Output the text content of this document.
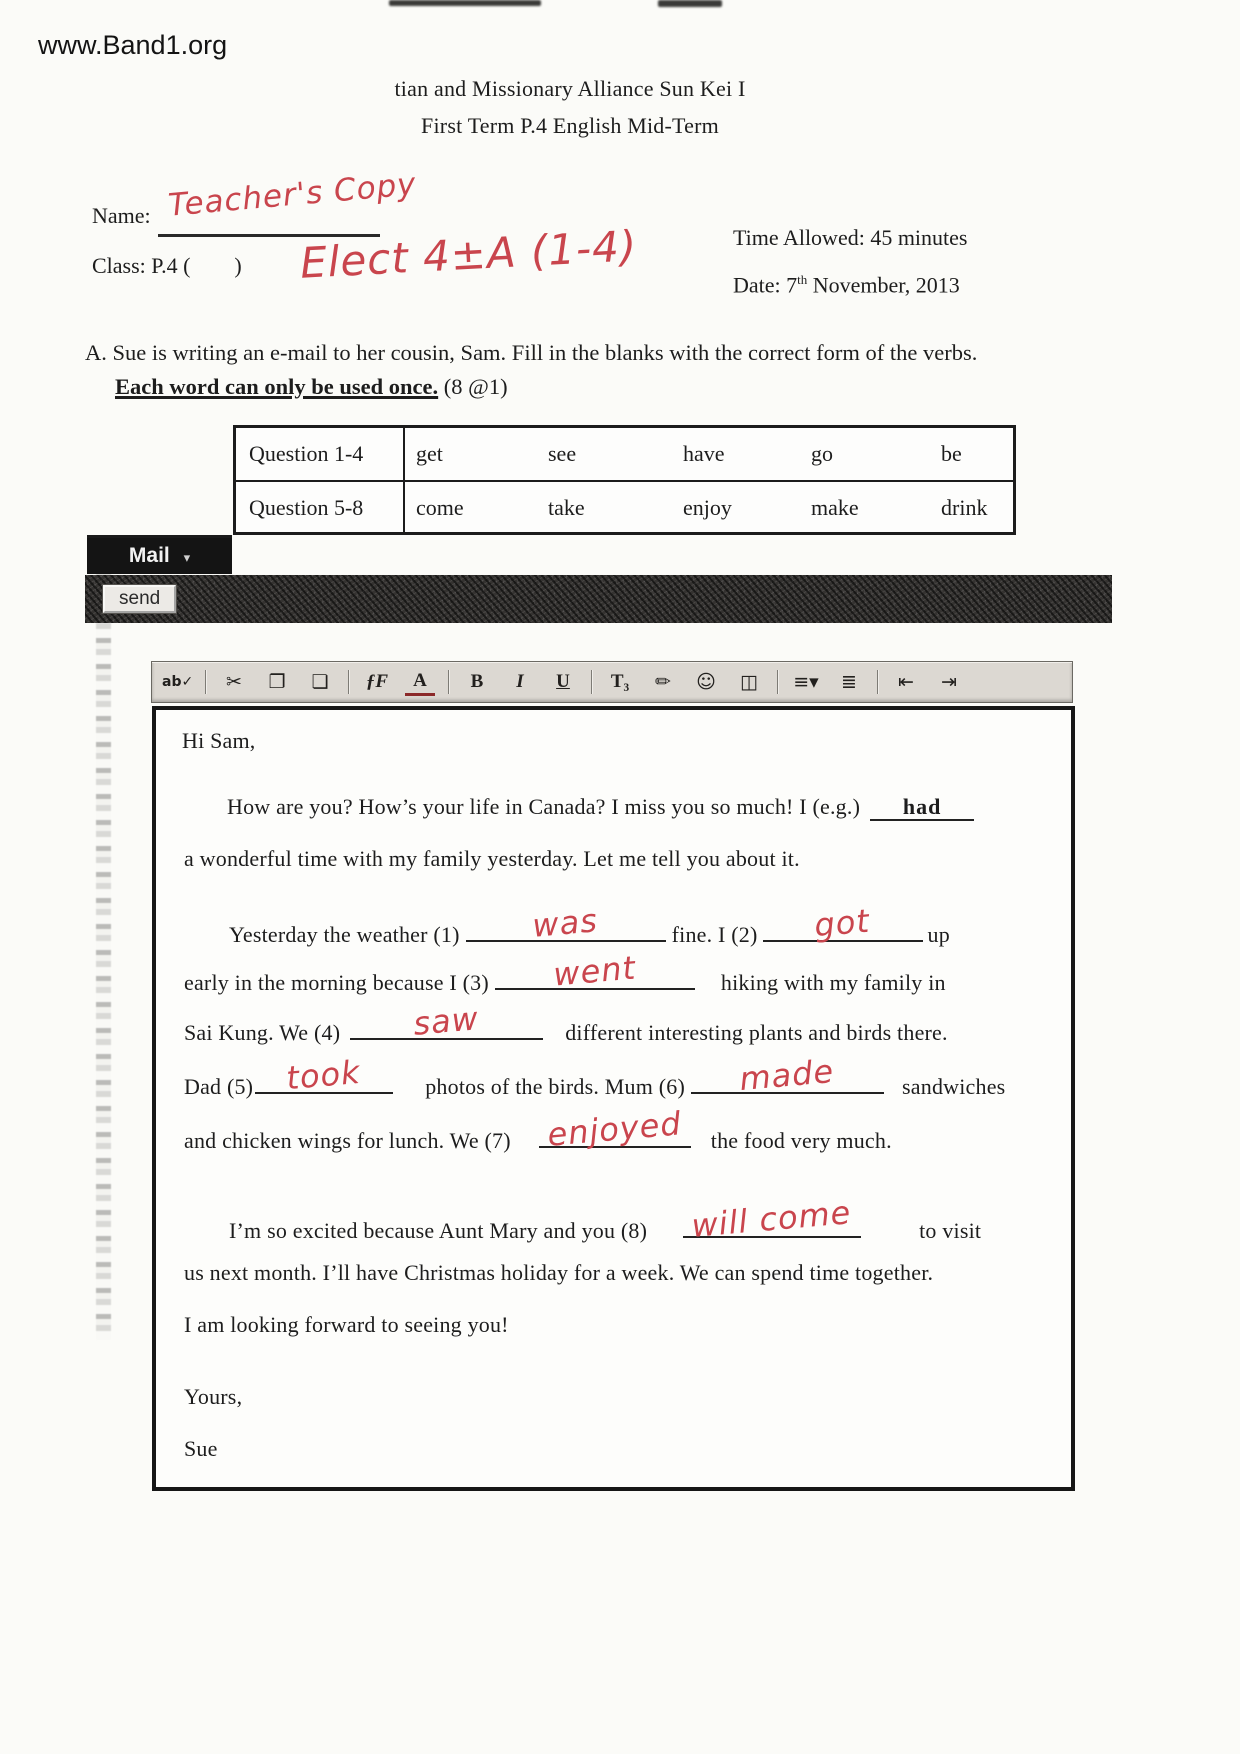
www.Band1.org
tian and Missionary Alliance Sun Kei I
First Term P.4 English Mid-Term
Name: Teacher's Copy
Class: P.4 (        ) Elect 4±A (1-4)	Time Allowed: 45 minutes
Date: 7th November, 2013
A. Sue is writing an e-mail to her cousin, Sam. Fill in the blanks with the correct form of the verbs.
Each word can only be used once. (8 @1)
Question 1-4 get	see	have	go	be
Question 5-8 come	take	enjoy	make	drink
Mail ▾
send
ab✓	✂	❐	❏	ƒF	A	B	I	U	T₃	✏	☺	◫	≡▾	≣	⇤	⇥
Hi Sam,
How are you? How’s your life in Canada? I miss you so much! I (e.g.) had
a wonderful time with my family yesterday. Let me tell you about it.
Yesterday the weather (1) was	fine. I (2) got	up
early in the morning because I (3) went	hiking with my family in
Sai Kung. We (4) saw	different interesting plants and birds there.
Dad (5) took	photos of the birds. Mum (6) made	sandwiches
and chicken wings for lunch. We (7) enjoyed the food very much.
I’m so excited because Aunt Mary and you (8) will come	to visit
us next month. I’ll have Christmas holiday for a week. We can spend time together.
I am looking forward to seeing you!
Yours,
Sue
